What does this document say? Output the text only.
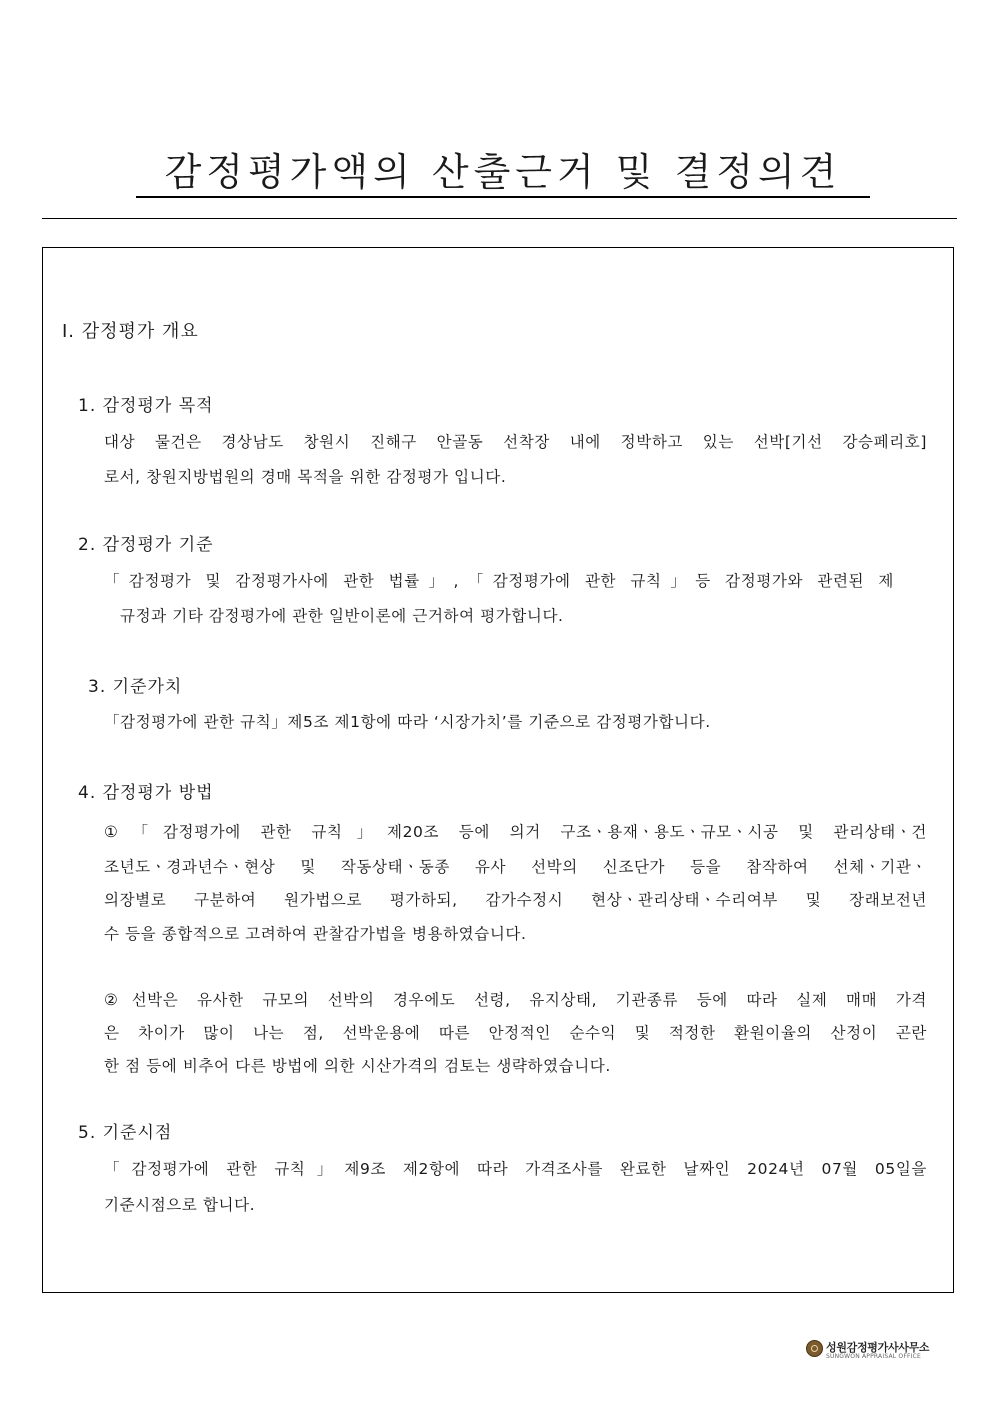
감정평가액의 산출근거 및 결정의견

Ⅰ. 감정평가 개요

1. 감정평가 목적

대상 물건은 경상남도 창원시 진해구 안골동 선착장 내에 정박하고 있는 선박[기선 강승페리호]

로서, 창원지방법원의 경매 목적을 위한 감정평가 입니다.

2. 감정평가 기준

「감정평가 및 감정평가사에 관한 법률」,「감정평가에 관한 규칙」등 감정평가와 관련된 제

규정과 기타 감정평가에 관한 일반이론에 근거하여 평가합니다.

3. 기준가치

「감정평가에 관한 규칙」제5조 제1항에 따라 ‘시장가치’를 기준으로 감정평가합니다.

4. 감정평가 방법

①「감정평가에 관한 규칙」제20조 등에 의거 구조ㆍ용재ㆍ용도ㆍ규모ㆍ시공 및 관리상태ㆍ건

조년도ㆍ경과년수ㆍ현상 및 작동상태ㆍ동종 유사 선박의 신조단가 등을 참작하여 선체ㆍ기관ㆍ

의장별로 구분하여 원가법으로 평가하되, 감가수정시 현상ㆍ관리상태ㆍ수리여부 및 장래보전년

수 등을 종합적으로 고려하여 관찰감가법을 병용하였습니다.

②선박은 유사한 규모의 선박의 경우에도 선령, 유지상태, 기관종류 등에 따라 실제 매매 가격

은 차이가 많이 나는 점, 선박운용에 따른 안정적인 순수익 및 적정한 환원이율의 산정이 곤란

한 점 등에 비추어 다른 방법에 의한 시산가격의 검토는 생략하였습니다.

5. 기준시점

「감정평가에 관한 규칙」제9조 제2항에 따라 가격조사를 완료한 날짜인 2024년 07월 05일을

기준시점으로 합니다.

성원감정평가사사무소
SUNGWON APPRAISAL OFFICE
